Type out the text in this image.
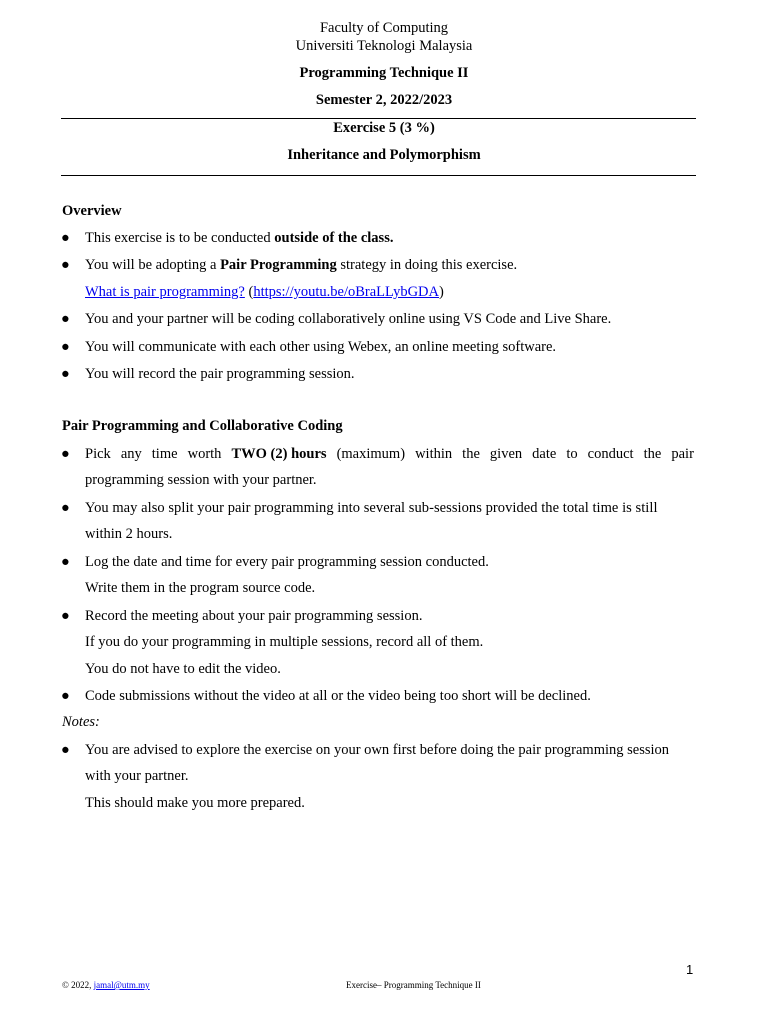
Faculty of Computing
Universiti Teknologi Malaysia
Programming Technique II
Semester 2, 2022/2023
Exercise 5 (3 %)
Inheritance and Polymorphism
Overview
● This exercise is to be conducted outside of the class.
● You will be adopting a Pair Programming strategy in doing this exercise.
What is pair programming? (https://youtu.be/oBraLLybGDA)
● You and your partner will be coding collaboratively online using VS Code and Live Share.
● You will communicate with each other using Webex, an online meeting software.
● You will record the pair programming session.
Pair Programming and Collaborative Coding
● Pick any time worth TWO (2) hours (maximum) within the given date to conduct the pair
programming session with your partner.
● You may also split your pair programming into several sub-sessions provided the total time is still
within 2 hours.
● Log the date and time for every pair programming session conducted.
Write them in the program source code.
● Record the meeting about your pair programming session.
If you do your programming in multiple sessions, record all of them.
You do not have to edit the video.
● Code submissions without the video at all or the video being too short will be declined.
Notes:
● You are advised to explore the exercise on your own first before doing the pair programming session
with your partner.
This should make you more prepared.
1
© 2022, jamal@utm.my	Exercise– Programming Technique II
